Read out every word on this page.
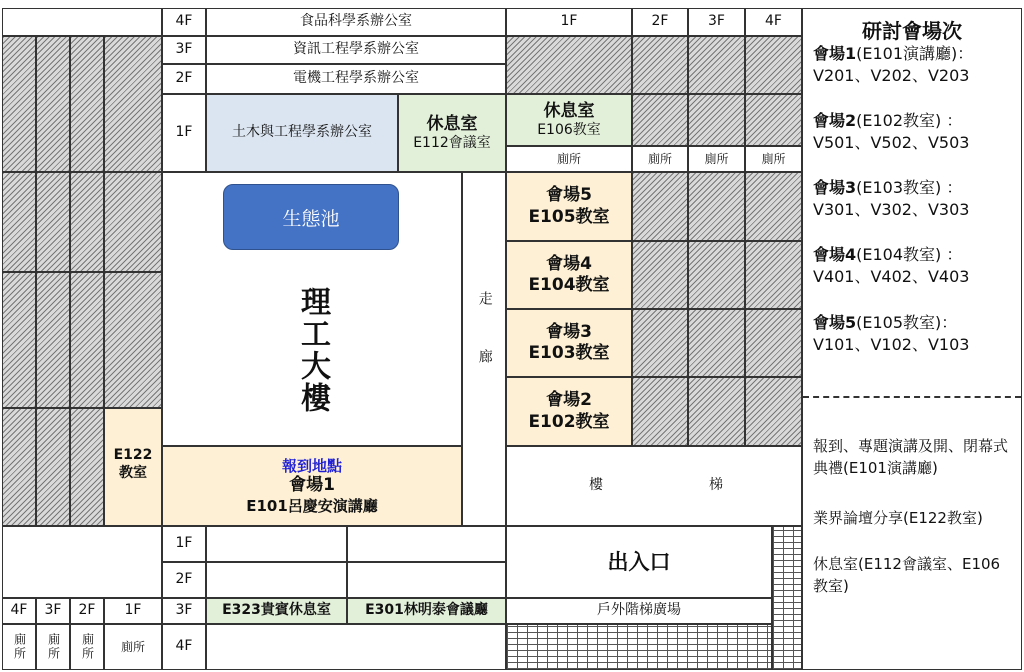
4F
3F
2F
1F
食品科學系辦公室
資訊工程學系辦公室
電機工程學系辦公室
土木與工程學系辦公室	休息室
E112會議室
1F	2F	3F	4F
休息室
E106教室
廁所	廁所	廁所	廁所
E122
教室
生態池
理工大樓	走廊
報到地點
會場1
E101呂慶安演講廳
會場5
E105教室
會場4
E104教室
會場3
E103教室
會場2
E102教室
樓	梯
4F	3F	2F	1F
廁所 廁所 廁所	廁所
1F
2F
3F
4F
E323貴賓休息室	E301林明泰會議廳
出入口
戶外階梯廣場
研討會場次
會場1(E101演講廳)：
V201、V202、V203
會場2(E102教室) ：
V501、V502、V503
會場3(E103教室) ：
V301、V302、V303
會場4(E104教室) ：
V401、V402、V403
會場5(E105教室)：
V101、V102、V103
報到、專題演講及開、閉幕式典禮(E101演講廳)
業界論壇分享(E122教室)
休息室(E112會議室、E106教室)
